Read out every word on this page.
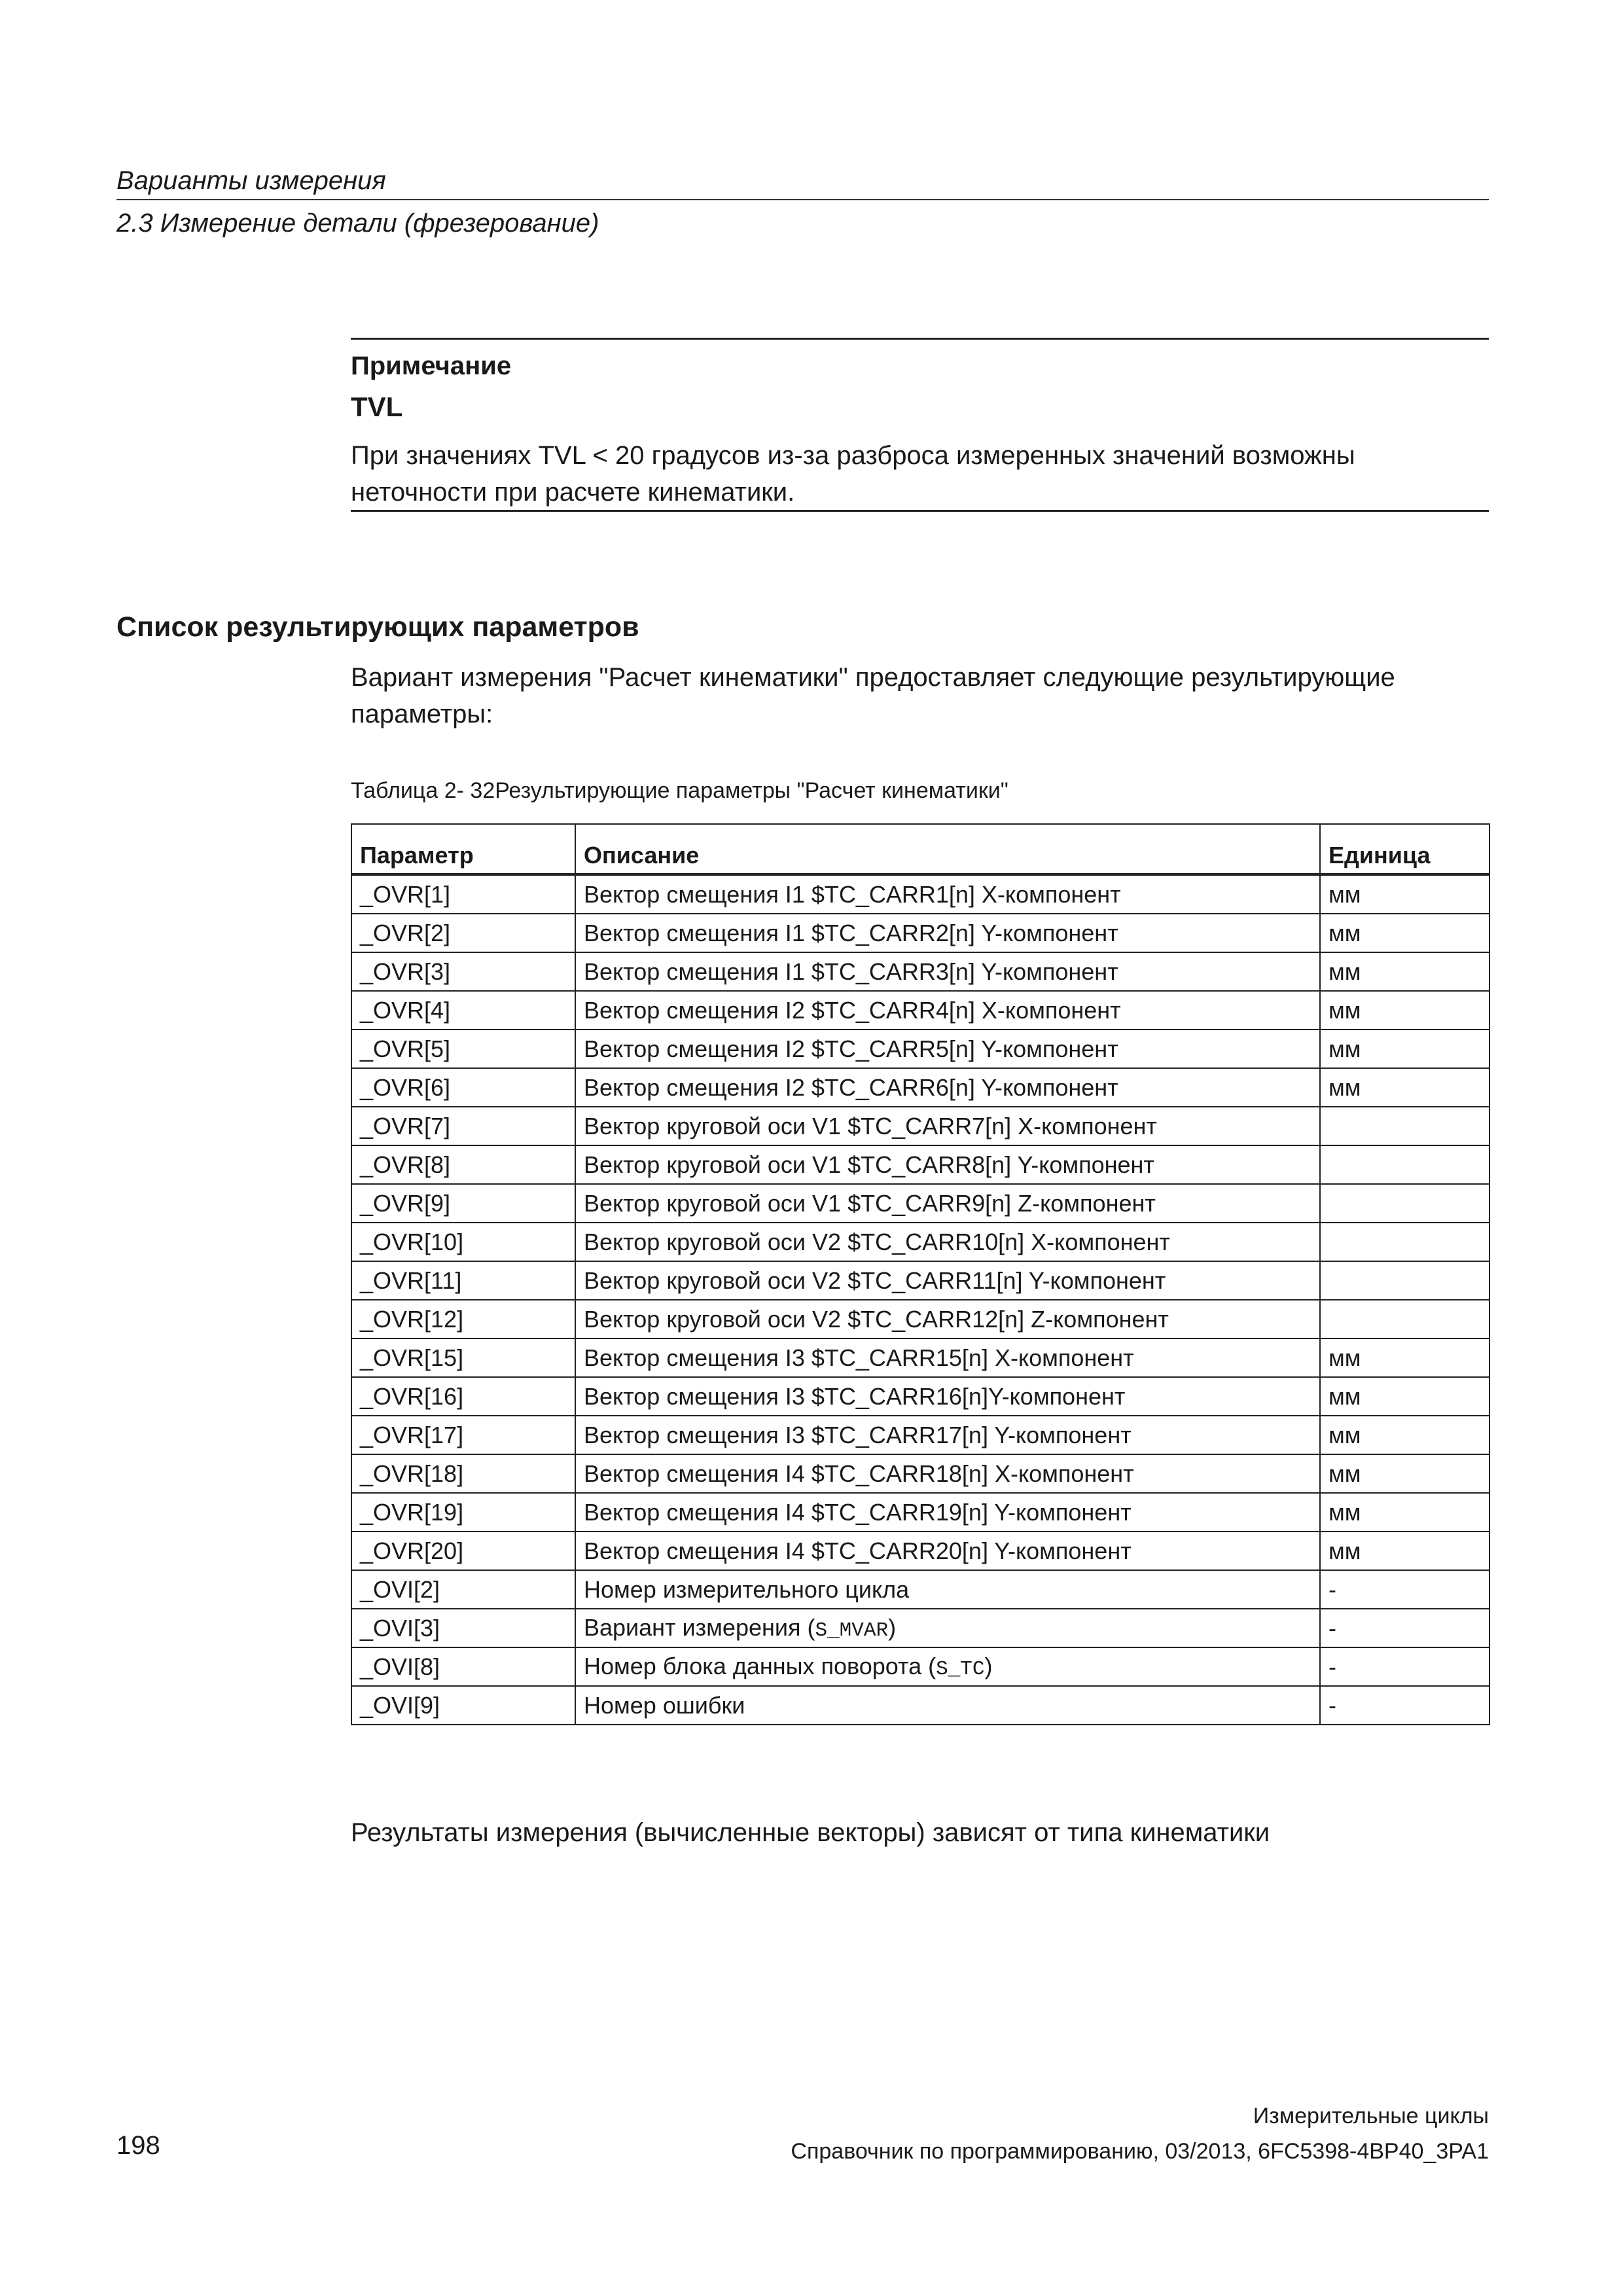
Варианты измерения
2.3 Измерение детали (фрезерование)
Примечание
TVL
При значениях TVL < 20 градусов из-за разброса измеренных значений возможны неточности при расчете кинематики.
Список результирующих параметров
Вариант измерения "Расчет кинематики" предоставляет следующие результирующие параметры:
Таблица 2- 32Результирующие параметры "Расчет кинематики"
Параметр	Описание	Единица
_OVR[1]	Вектор смещения I1 $TC_CARR1[n] X-компонент	мм
_OVR[2]	Вектор смещения I1 $TC_CARR2[n] Y-компонент	мм
_OVR[3]	Вектор смещения I1 $TC_CARR3[n] Y-компонент	мм
_OVR[4]	Вектор смещения I2 $TC_CARR4[n] X-компонент	мм
_OVR[5]	Вектор смещения I2 $TC_CARR5[n] Y-компонент	мм
_OVR[6]	Вектор смещения I2 $TC_CARR6[n] Y-компонент	мм
_OVR[7]	Вектор круговой оси V1 $TC_CARR7[n] X-компонент	
_OVR[8]	Вектор круговой оси V1 $TC_CARR8[n] Y-компонент	
_OVR[9]	Вектор круговой оси V1 $TC_CARR9[n] Z-компонент	
_OVR[10]	Вектор круговой оси V2 $TC_CARR10[n] X-компонент	
_OVR[11]	Вектор круговой оси V2 $TC_CARR11[n] Y-компонент	
_OVR[12]	Вектор круговой оси V2 $TC_CARR12[n] Z-компонент	
_OVR[15]	Вектор смещения I3 $TC_CARR15[n] X-компонент	мм
_OVR[16]	Вектор смещения I3 $TC_CARR16[n]Y-компонент	мм
_OVR[17]	Вектор смещения I3 $TC_CARR17[n] Y-компонент	мм
_OVR[18]	Вектор смещения I4 $TC_CARR18[n] X-компонент	мм
_OVR[19]	Вектор смещения I4 $TC_CARR19[n] Y-компонент	мм
_OVR[20]	Вектор смещения I4 $TC_CARR20[n] Y-компонент	мм
_OVI[2]	Номер измерительного цикла	-
_OVI[3]	Вариант измерения (S_MVAR)	-
_OVI[8]	Номер блока данных поворота (S_TC)	-
_OVI[9]	Номер ошибки	-
Результаты измерения (вычисленные векторы) зависят от типа кинематики
Измерительные циклы
198	Справочник по программированию, 03/2013, 6FC5398-4BP40_3PA1
